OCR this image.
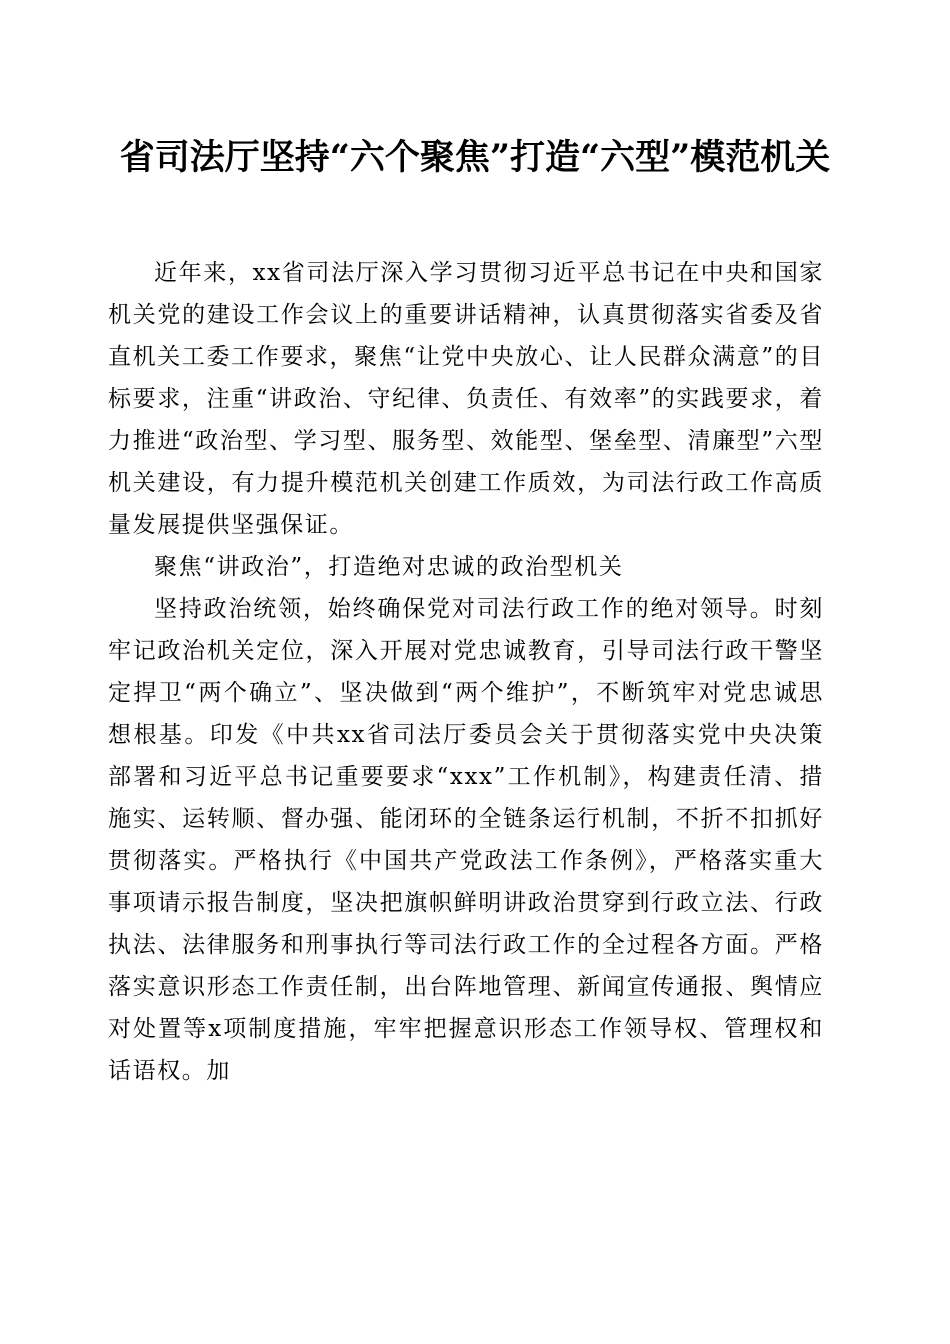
省司法厅坚持“六个聚焦”打造“六型”模范机关

近年来，xx省司法厅深入学习贯彻习近平总书记在中央和国家机关党的建设工作会议上的重要讲话精神，认真贯彻落实省委及省直机关工委工作要求，聚焦“让党中央放心、让人民群众满意”的目标要求，注重“讲政治、守纪律、负责任、有效率”的实践要求，着力推进“政治型、学习型、服务型、效能型、堡垒型、清廉型”六型机关建设，有力提升模范机关创建工作质效，为司法行政工作高质量发展提供坚强保证。

聚焦“讲政治”，打造绝对忠诚的政治型机关

坚持政治统领，始终确保党对司法行政工作的绝对领导。时刻牢记政治机关定位，深入开展对党忠诚教育，引导司法行政干警坚定捍卫“两个确立”、坚决做到“两个维护”，不断筑牢对党忠诚思想根基。印发《中共xx省司法厅委员会关于贯彻落实党中央决策部署和习近平总书记重要要求“xxx”工作机制》，构建责任清、措施实、运转顺、督办强、能闭环的全链条运行机制，不折不扣抓好贯彻落实。严格执行《中国共产党政法工作条例》，严格落实重大事项请示报告制度，坚决把旗帜鲜明讲政治贯穿到行政立法、行政执法、法律服务和刑事执行等司法行政工作的全过程各方面。严格落实意识形态工作责任制，出台阵地管理、新闻宣传通报、舆情应对处置等x项制度措施，牢牢把握意识形态工作领导权、管理权和话语权。加
